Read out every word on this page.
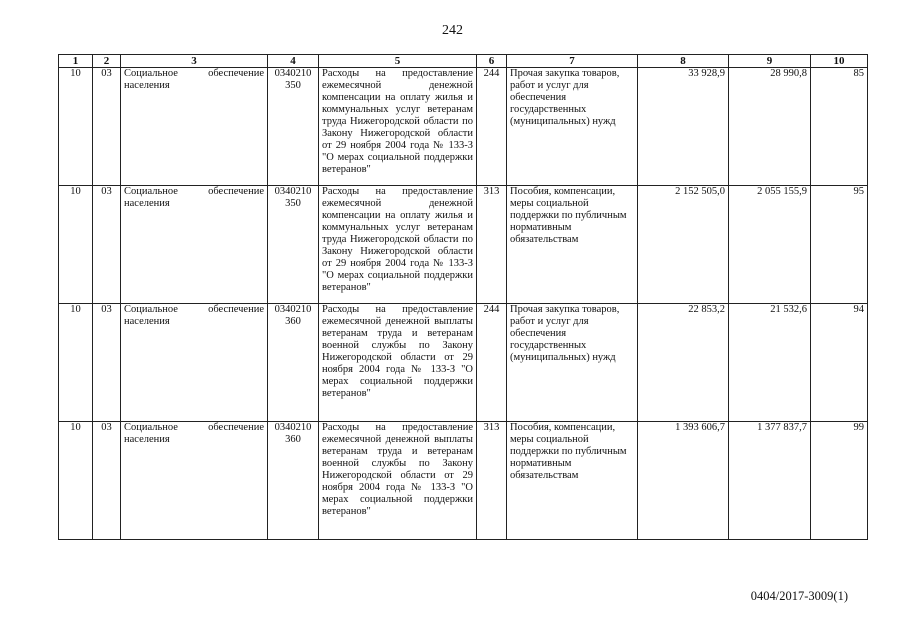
242
1	2	3	4	5	6	7	8	9	10
10	03	Социальное обеспечение населения	0340210 350	Расходы на предоставление ежемесячной денежной компенсации на оплату жилья и коммунальных услуг ветеранам труда Нижегородской области по Закону Нижегородской области от 29 ноября 2004 года № 133-З "О мерах социальной поддержки ветеранов"	244	Прочая закупка товаров, работ и услуг для обеспечения государственных (муниципальных) нужд	33 928,9	28 990,8	85
10	03	Социальное обеспечение населения	0340210 350	Расходы на предоставление ежемесячной денежной компенсации на оплату жилья и коммунальных услуг ветеранам труда Нижегородской области по Закону Нижегородской области от 29 ноября 2004 года № 133-З "О мерах социальной поддержки ветеранов"	313	Пособия, компенсации, меры социальной поддержки по публичным нормативным обязательствам	2 152 505,0	2 055 155,9	95
10	03	Социальное обеспечение населения	0340210 360	Расходы на предоставление ежемесячной денежной выплаты ветеранам труда и ветеранам военной службы по Закону Нижегородской области от 29 ноября 2004 года № 133-З "О мерах социальной поддержки ветеранов"	244	Прочая закупка товаров, работ и услуг для обеспечения государственных (муниципальных) нужд	22 853,2	21 532,6	94
10	03	Социальное обеспечение населения	0340210 360	Расходы на предоставление ежемесячной денежной выплаты ветеранам труда и ветеранам военной службы по Закону Нижегородской области от 29 ноября 2004 года № 133-З "О мерах социальной поддержки ветеранов"	313	Пособия, компенсации, меры социальной поддержки по публичным нормативным обязательствам	1 393 606,7	1 377 837,7	99
0404/2017-3009(1)
